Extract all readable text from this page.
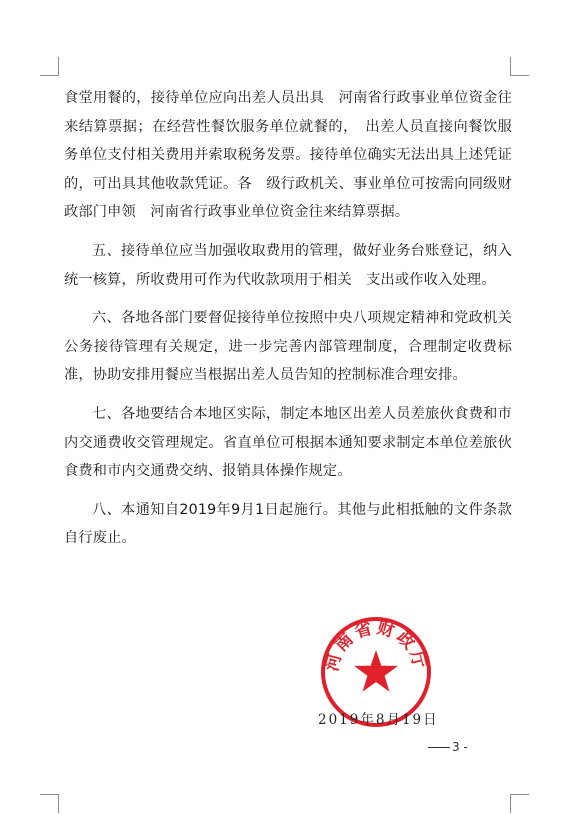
食堂用餐的，接待单位应向出差人员出具　河南省行政事业单位资金往来结算票据；在经营性餐饮服务单位就餐的，　出差人员直接向餐饮服务单位支付相关费用并索取税务发票。接待单位确实无法出具上述凭证的，可出具其他收款凭证。各　级行政机关、事业单位可按需向同级财政部门申领　河南省行政事业单位资金往来结算票据。

五、接待单位应当加强收取费用的管理，做好业务台账登记，纳入统一核算，所收费用可作为代收款项用于相关　支出或作收入处理。

六、各地各部门要督促接待单位按照中央八项规定精神和党政机关公务接待管理有关规定，进一步完善内部管理制度，合理制定收费标准，协助安排用餐应当根据出差人员告知的控制标准合理安排。

七、各地要结合本地区实际，制定本地区出差人员差旅伙食费和市内交通费收交管理规定。省直单位可根据本通知要求制定本单位差旅伙食费和市内交通费交纳、报销具体操作规定。

八、本通知自2019年9月1日起施行。其他与此相抵触的文件条款自行废止。

河南省财政厅
2019年8月19日
3 -
